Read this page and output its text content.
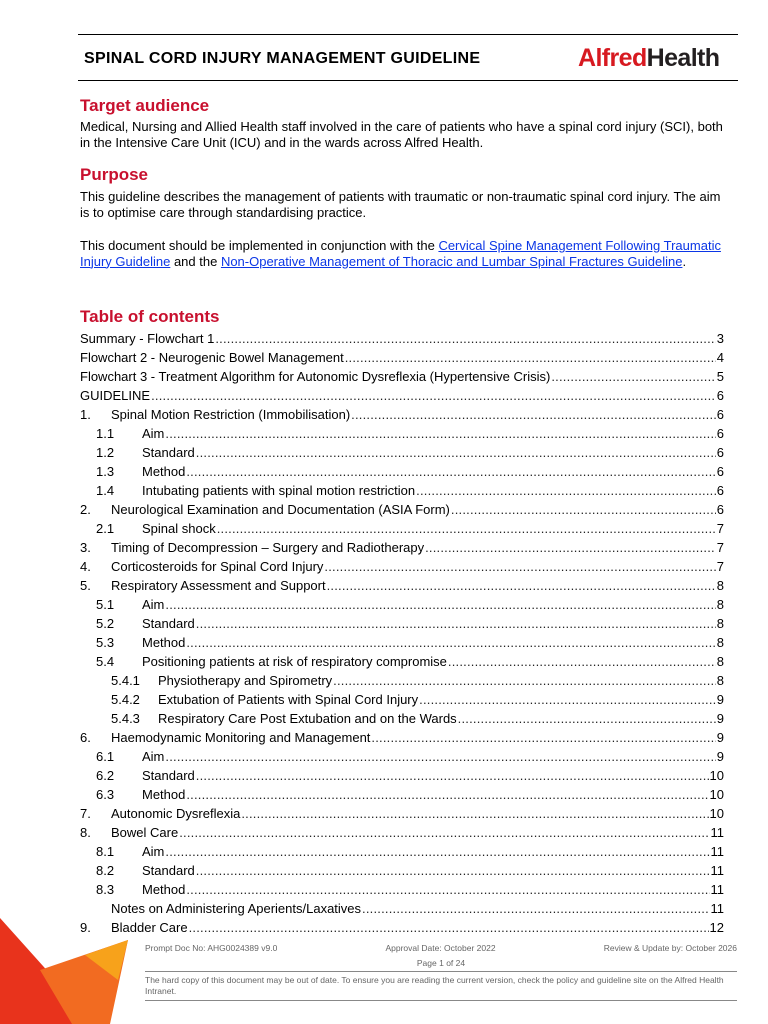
SPINAL CORD INJURY MANAGEMENT GUIDELINE	AlfredHealth
Target audience

Medical, Nursing and Allied Health staff involved in the care of patients who have a spinal cord injury (SCI), both in the Intensive Care Unit (ICU) and in the wards across Alfred Health.

Purpose

This guideline describes the management of patients with traumatic or non-traumatic spinal cord injury. The aim is to optimise care through standardising practice.

This document should be implemented in conjunction with the Cervical Spine Management Following Traumatic Injury Guideline and the Non-Operative Management of Thoracic and Lumbar Spinal Fractures Guideline.

Table of contents
Summary - Flowchart 1 .....	3
Flowchart 2 - Neurogenic Bowel Management .....	4
Flowchart 3 - Treatment Algorithm for Autonomic Dysreflexia (Hypertensive Crisis) .....	5
GUIDELINE .....	6
1.	Spinal Motion Restriction (Immobilisation) .....	6
1.1	Aim .....	6
1.2	Standard .....	6
1.3	Method .....	6
1.4	Intubating patients with spinal motion restriction .....	6
2.	Neurological Examination and Documentation (ASIA Form) .....	6
2.1	Spinal shock .....	7
3.	Timing of Decompression – Surgery and Radiotherapy .....	7
4.	Corticosteroids for Spinal Cord Injury .....	7
5.	Respiratory Assessment and Support .....	8
5.1	Aim .....	8
5.2	Standard .....	8
5.3	Method .....	8
5.4	Positioning patients at risk of respiratory compromise .....	8
5.4.1	Physiotherapy and Spirometry .....	8
5.4.2	Extubation of Patients with Spinal Cord Injury .....	9
5.4.3	Respiratory Care Post Extubation and on the Wards .....	9
6.	Haemodynamic Monitoring and Management .....	9
6.1	Aim .....	9
6.2	Standard .....	10
6.3	Method .....	10
7.	Autonomic Dysreflexia .....	10
8.	Bowel Care .....	11
8.1	Aim .....	11
8.2	Standard .....	11
8.3	Method .....	11
Notes on Administering Aperients/Laxatives .....	11
9.	Bladder Care .....	12
Prompt Doc No: AHG0024389 v9.0	Approval Date: October 2022	Review & Update by: October 2026
Page 1 of 24
The hard copy of this document may be out of date. To ensure you are reading the current version, check the policy and guideline site on the Alfred Health Intranet.
